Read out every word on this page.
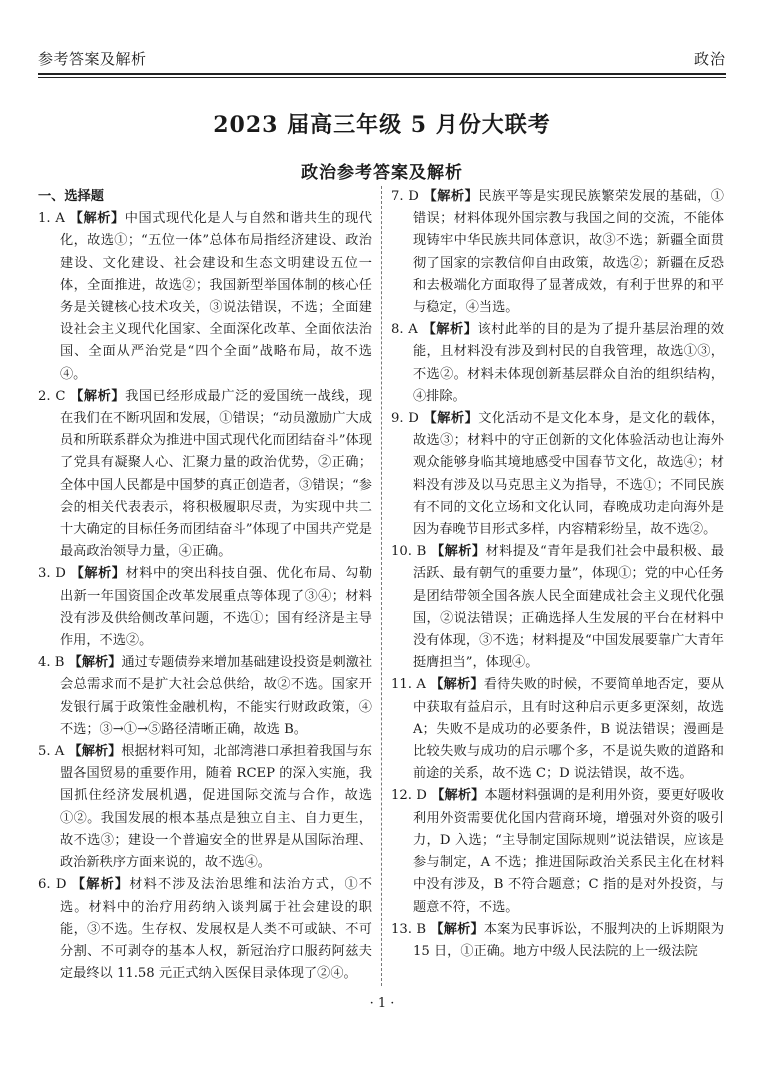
参考答案及解析	政治
2023 届高三年级 5 月份大联考
政治参考答案及解析
一、选择题

1. A 【解析】中国式现代化是人与自然和谐共生的现代化，故选①；“五位一体”总体布局指经济建设、政治建设、文化建设、社会建设和生态文明建设五位一体，全面推进，故选②；我国新型举国体制的核心任务是关键核心技术攻关，③说法错误，不选；全面建设社会主义现代化国家、全面深化改革、全面依法治国、全面从严治党是“四个全面”战略布局，故不选④。

2. C 【解析】我国已经形成最广泛的爱国统一战线，现在我们在不断巩固和发展，①错误；“动员激励广大成员和所联系群众为推进中国式现代化而团结奋斗”体现了党具有凝聚人心、汇聚力量的政治优势，②正确；全体中国人民都是中国梦的真正创造者，③错误；“参会的相关代表表示，将积极履职尽责，为实现中共二十大确定的目标任务而团结奋斗”体现了中国共产党是最高政治领导力量，④正确。

3. D 【解析】材料中的突出科技自强、优化布局、勾勒出新一年国资国企改革发展重点等体现了③④；材料没有涉及供给侧改革问题，不选①；国有经济是主导作用，不选②。

4. B 【解析】通过专题债券来增加基础建设投资是刺激社会总需求而不是扩大社会总供给，故②不选。国家开发银行属于政策性金融机构，不能实行财政政策，④不选；③→①→⑤路径清晰正确，故选 B。

5. A 【解析】根据材料可知，北部湾港口承担着我国与东盟各国贸易的重要作用，随着 RCEP 的深入实施，我国抓住经济发展机遇，促进国际交流与合作，故选①②。我国发展的根本基点是独立自主、自力更生，故不选③；建设一个普遍安全的世界是从国际治理、政治新秩序方面来说的，故不选④。

6. D 【解析】材料不涉及法治思维和法治方式，①不选。材料中的治疗用药纳入谈判属于社会建设的职能，③不选。生存权、发展权是人类不可或缺、不可分割、不可剥夺的基本人权，新冠治疗口服药阿兹夫定最终以 11.58 元正式纳入医保目录体现了②④。

7. D 【解析】民族平等是实现民族繁荣发展的基础，①错误；材料体现外国宗教与我国之间的交流，不能体现铸牢中华民族共同体意识，故③不选；新疆全面贯彻了国家的宗教信仰自由政策，故选②；新疆在反恐和去极端化方面取得了显著成效，有利于世界的和平与稳定，④当选。

8. A 【解析】该村此举的目的是为了提升基层治理的效能，且材料没有涉及到村民的自我管理，故选①③，不选②。材料未体现创新基层群众自治的组织结构，④排除。

9. D 【解析】文化活动不是文化本身，是文化的载体，故选③；材料中的守正创新的文化体验活动也让海外观众能够身临其境地感受中国春节文化，故选④；材料没有涉及以马克思主义为指导，不选①；不同民族有不同的文化立场和文化认同，春晚成功走向海外是因为春晚节目形式多样，内容精彩纷呈，故不选②。

10. B 【解析】材料提及“青年是我们社会中最积极、最活跃、最有朝气的重要力量”，体现①；党的中心任务是团结带领全国各族人民全面建成社会主义现代化强国，②说法错误；正确选择人生发展的平台在材料中没有体现，③不选；材料提及“中国发展要靠广大青年挺膺担当”，体现④。

11. A 【解析】看待失败的时候，不要简单地否定，要从中获取有益启示，且有时这种启示更多更深刻，故选 A；失败不是成功的必要条件，B 说法错误；漫画是比较失败与成功的启示哪个多，不是说失败的道路和前途的关系，故不选 C；D 说法错误，故不选。

12. D 【解析】本题材料强调的是利用外资，要更好吸收利用外资需要优化国内营商环境，增强对外资的吸引力，D 入选；“主导制定国际规则”说法错误，应该是参与制定，A 不选；推进国际政治关系民主化在材料中没有涉及，B 不符合题意；C 指的是对外投资，与题意不符，不选。

13. B 【解析】本案为民事诉讼，不服判决的上诉期限为 15 日，①正确。地方中级人民法院的上一级法院

· 1 ·
